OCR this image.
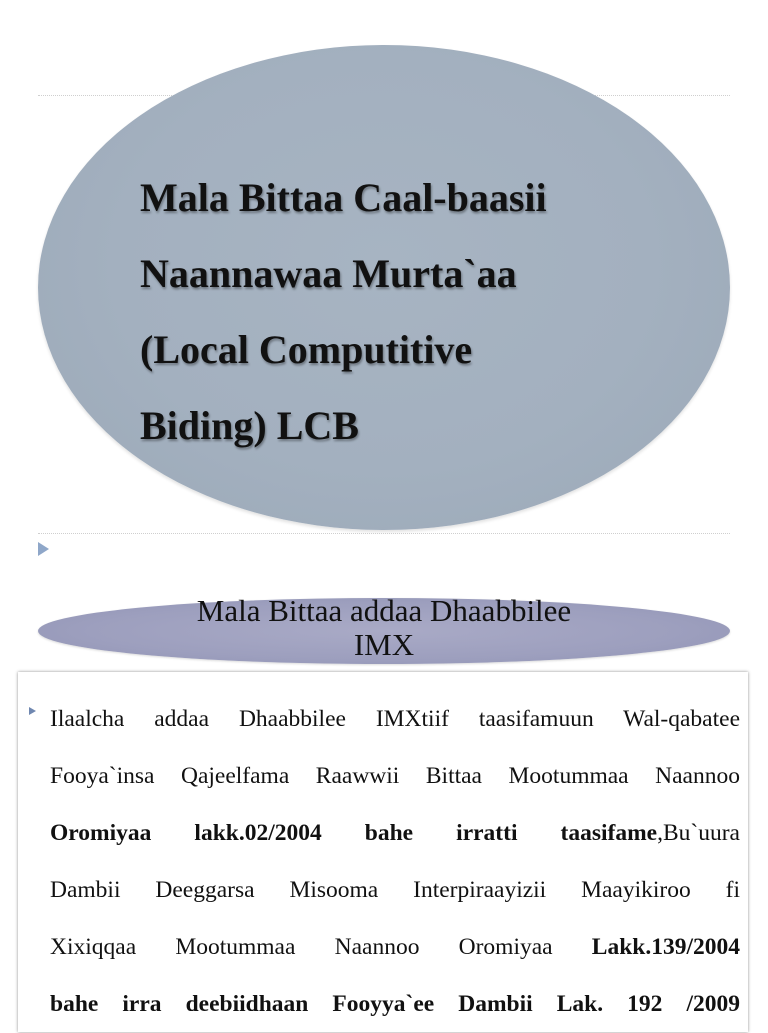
Mala Bittaa Caal-baasii
Naannawaa Murta`aa
(Local Computitive
Biding) LCB
Mala Bittaa addaa Dhaabbilee
IMX
Ilaalcha addaa Dhaabbilee IMXtiif taasifamuun Wal-qabatee
Fooya`insa Qajeelfama Raawwii Bittaa Mootummaa Naannoo
Oromiyaa lakk.02/2004 bahe irratti taasifame,Bu`uura
Dambii Deeggarsa Misooma Interpiraayizii Maayikiroo fi
Xixiqqaa Mootummaa Naannoo Oromiyaa Lakk.139/2004
bahe irra deebiidhaan Fooyya`ee Dambii Lak. 192 /2009
